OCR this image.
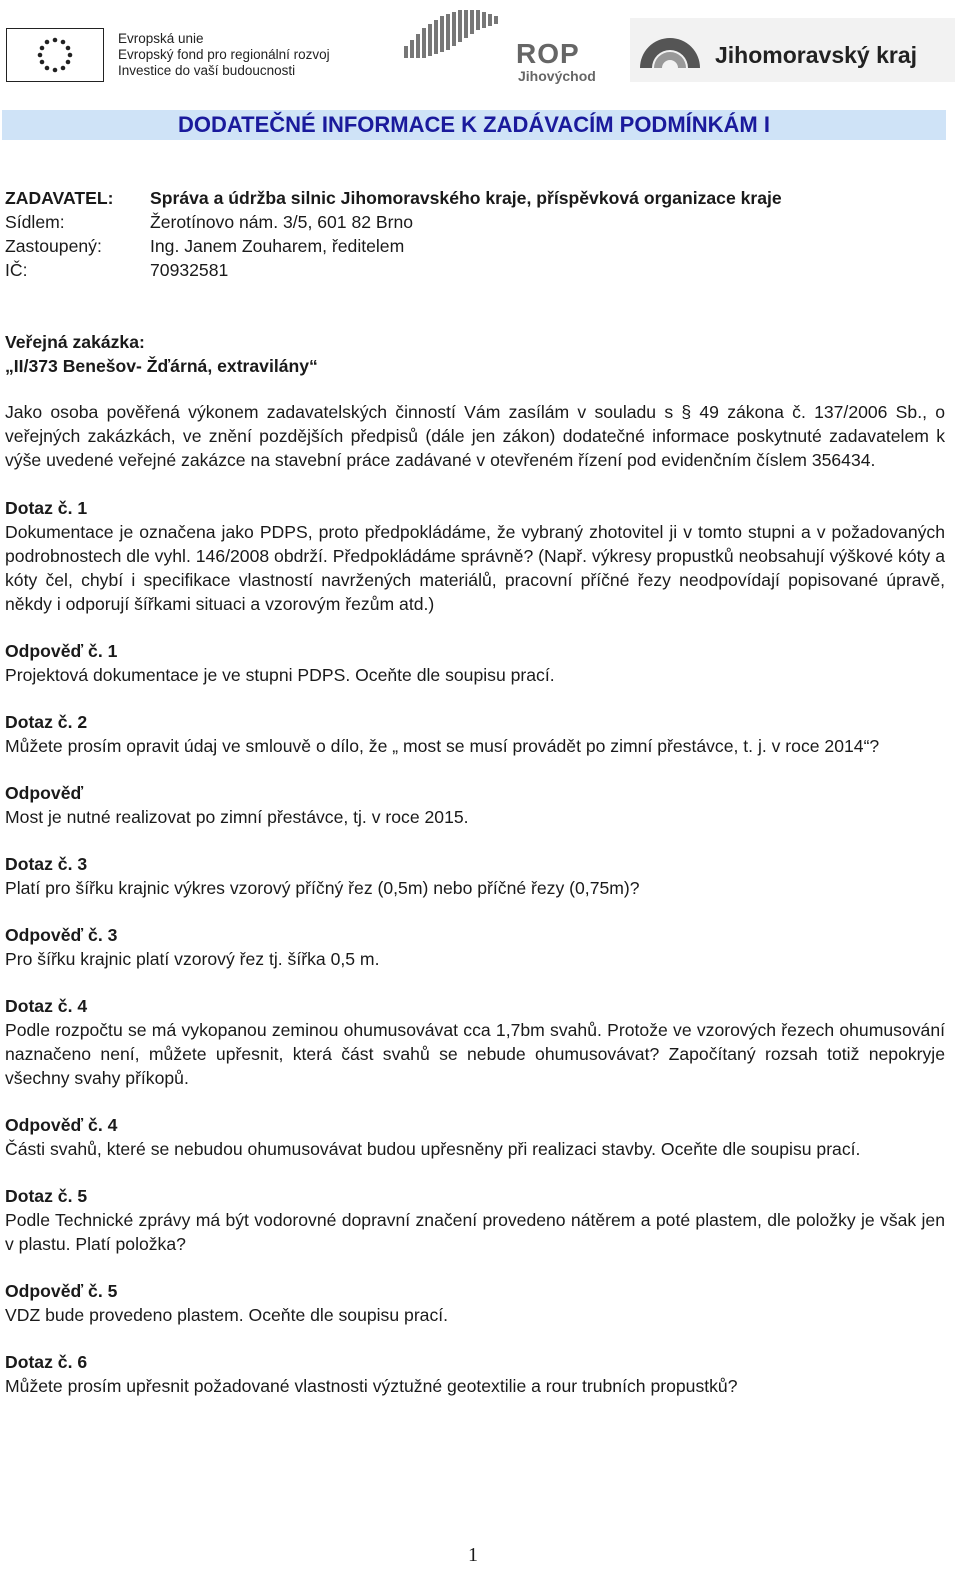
Evropská unie
Evropský fond pro regionální rozvoj
Investice do vaší budoucnosti
ROP
Jihovýchod
Jihomoravský kraj
DODATEČNÉ INFORMACE K ZADÁVACÍM PODMÍNKÁM I
ZADAVATEL:	Správa a údržba silnic Jihomoravského kraje, příspěvková organizace kraje
Sídlem:	Žerotínovo nám. 3/5, 601 82 Brno
Zastoupený:	Ing. Janem Zouharem, ředitelem
IČ:	70932581

Veřejná zakázka:

„II/373 Benešov- Žďárná, extravilány“

Jako osoba pověřená výkonem zadavatelských činností Vám zasílám v souladu s § 49 zákona č. 137/2006 Sb., o veřejných zakázkách, ve znění pozdějších předpisů (dále jen zákon) dodatečné informace poskytnuté zadavatelem k výše uvedené veřejné zakázce na stavební práce zadávané v otevřeném řízení pod evidenčním číslem 356434.

Dotaz č. 1

Dokumentace je označena jako PDPS, proto předpokládáme, že vybraný zhotovitel ji v tomto stupni a v požadovaných podrobnostech dle vyhl. 146/2008 obdrží. Předpokládáme správně? (Např. výkresy propustků neobsahují výškové kóty a kóty čel, chybí i specifikace vlastností navržených materiálů, pracovní příčné řezy neodpovídají popisované úpravě, někdy i odporují šířkami situaci a vzorovým řezům atd.)

Odpověď č. 1

Projektová dokumentace je ve stupni PDPS. Oceňte dle soupisu prací.

Dotaz č. 2

Můžete prosím opravit údaj ve smlouvě o dílo, že „ most se musí provádět po zimní přestávce, t. j. v roce 2014“?

Odpověď

Most je nutné realizovat po zimní přestávce, tj. v roce 2015.

Dotaz č. 3

Platí pro šířku krajnic výkres vzorový příčný řez (0,5m) nebo příčné řezy (0,75m)?

Odpověď č. 3

Pro šířku krajnic platí vzorový řez tj. šířka 0,5 m.

Dotaz č. 4

Podle rozpočtu se má vykopanou zeminou ohumusovávat cca 1,7bm svahů. Protože ve vzorových řezech ohumusování naznačeno není, můžete upřesnit, která část svahů se nebude ohumusovávat? Započítaný rozsah totiž nepokryje všechny svahy příkopů.

Odpověď č. 4

Části svahů, které se nebudou ohumusovávat budou upřesněny při realizaci stavby. Oceňte dle soupisu prací.

Dotaz č. 5

Podle Technické zprávy má být vodorovné dopravní značení provedeno nátěrem a poté plastem, dle položky je však jen v plastu. Platí položka?

Odpověď č. 5

VDZ bude provedeno plastem. Oceňte dle soupisu prací.

Dotaz č. 6

Můžete prosím upřesnit požadované vlastnosti výztužné geotextilie a rour trubních propustků?

1
